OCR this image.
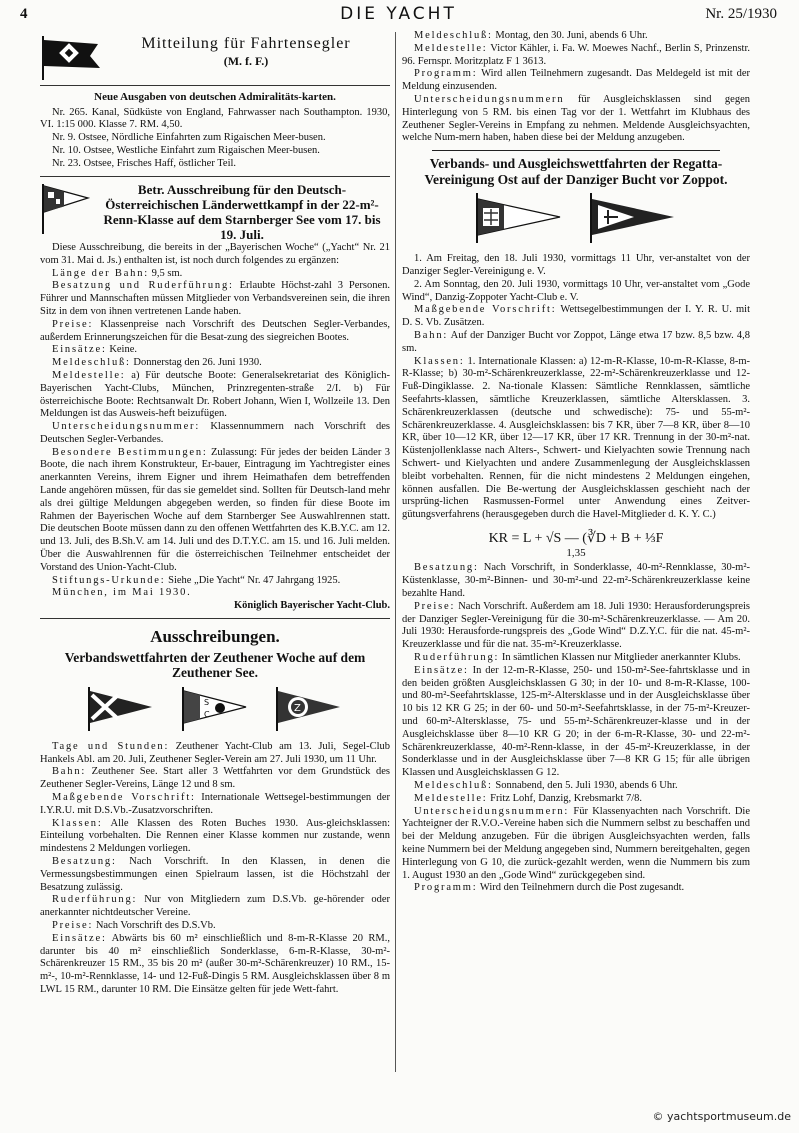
4	DIE YACHT	Nr. 25/1930
Mitteilung für Fahrtensegler
(M. f. F.)
Neue Ausgaben von deutschen Admiralitäts-karten.

Nr. 265. Kanal, Südküste von England, Fahrwasser nach Southampton. 1930, VI. 1:15 000. Klasse 7. RM. 4,50.

Nr. 9. Ostsee, Nördliche Einfahrten zum Rigaischen Meer-busen.

Nr. 10. Ostsee, Westliche Einfahrt zum Rigaischen Meer-busen.

Nr. 23. Ostsee, Frisches Haff, östlicher Teil.

Betr. Ausschreibung für den Deutsch-Österreichischen Länderwettkampf in der 22-m²-Renn-Klasse auf dem Starnberger See vom 17. bis 19. Juli.

Diese Ausschreibung, die bereits in der „Bayerischen Woche“ („Yacht“ Nr. 21 vom 31. Mai d. Js.) enthalten ist, ist noch durch folgendes zu ergänzen:

Länge der Bahn: 9,5 sm.

Besatzung und Ruderführung: Erlaubte Höchst-zahl 3 Personen. Führer und Mannschaften müssen Mitglieder von Verbandsvereinen sein, die ihren Sitz in dem von ihnen vertretenen Lande haben.

Preise: Klassenpreise nach Vorschrift des Deutschen Segler-Verbandes, außerdem Erinnerungszeichen für die Besat-zung des siegreichen Bootes.

Einsätze: Keine.

Meldeschluß: Donnerstag den 26. Juni 1930.

Meldestelle: a) Für deutsche Boote: Generalsekretariat des Königlich-Bayerischen Yacht-Clubs, München, Prinzregenten-straße 2/I. b) Für österreichische Boote: Rechtsanwalt Dr. Robert Johann, Wien I, Wollzeile 13. Den Meldungen ist das Ausweis-heft beizufügen.

Unterscheidungsnummer: Klassennummern nach Vorschrift des Deutschen Segler-Verbandes.

Besondere Bestimmungen: Zulassung: Für jedes der beiden Länder 3 Boote, die nach ihrem Konstrukteur, Er-bauer, Eintragung im Yachtregister eines anerkannten Vereins, ihrem Eigner und ihrem Heimathafen dem betreffenden Lande angehören müssen, für das sie gemeldet sind. Sollten für Deutsch-land mehr als drei gültige Meldungen abgegeben werden, so finden für diese Boote im Rahmen der Bayerischen Woche auf dem Starnberger See Auswahlrennen statt. Die deutschen Boote müssen dann zu den offenen Wettfahrten des K.B.Y.C. am 12. und 13. Juli, des B.Sh.V. am 14. Juli und des D.T.Y.C. am 15. und 16. Juli melden. Über die Auswahlrennen für die österreichischen Teilnehmer entscheidet der Vorstand des Union-Yacht-Club.

Stiftungs-Urkunde: Siehe „Die Yacht“ Nr. 47 Jahrgang 1925.

München, im Mai 1930.

Königlich Bayerischer Yacht-Club.

Ausschreibungen.
Verbandswettfahrten der Zeuthener Woche auf dem Zeuthener See.
S
C
Z

Tage und Stunden: Zeuthener Yacht-Club am 13. Juli, Segel-Club Hankels Abl. am 20. Juli, Zeuthener Segler-Verein am 27. Juli 1930, um 11 Uhr.

Bahn: Zeuthener See. Start aller 3 Wettfahrten vor dem Grundstück des Zeuthener Segler-Vereins, Länge 12 und 8 sm.

Maßgebende Vorschrift: Internationale Wettsegel-bestimmungen der I.Y.R.U. mit D.S.Vb.-Zusatzvorschriften.

Klassen: Alle Klassen des Roten Buches 1930. Aus-gleichsklassen: Einteilung vorbehalten. Die Rennen einer Klasse kommen nur zustande, wenn mindestens 2 Meldungen vorliegen.

Besatzung: Nach Vorschrift. In den Klassen, in denen die Vermessungsbestimmungen einen Spielraum lassen, ist die Höchstzahl der Besatzung zulässig.

Ruderführung: Nur von Mitgliedern zum D.S.Vb. ge-hörender oder anerkannter nichtdeutscher Vereine.

Preise: Nach Vorschrift des D.S.Vb.

Einsätze: Abwärts bis 60 m² einschließlich und 8-m-R-Klasse 20 RM., darunter bis 40 m² einschließlich Sonderklasse, 6-m-R-Klasse, 30-m²-Schärenkreuzer 15 RM., 35 bis 20 m² (außer 30-m²-Schärenkreuzer) 10 RM., 15-m²-, 10-m²-Rennklasse, 14- und 12-Fuß-Dingis 5 RM. Ausgleichsklassen über 8 m LWL 15 RM., darunter 10 RM. Die Einsätze gelten für jede Wett-fahrt.

Meldeschluß: Montag, den 30. Juni, abends 6 Uhr.

Meldestelle: Victor Kähler, i. Fa. W. Moewes Nachf., Berlin S, Prinzenstr. 96. Fernspr. Moritzplatz F 1 3613.

Programm: Wird allen Teilnehmern zugesandt. Das Meldegeld ist mit der Meldung einzusenden.

Unterscheidungsnummern für Ausgleichsklassen sind gegen Hinterlegung von 5 RM. bis einen Tag vor der 1. Wettfahrt im Klubhaus des Zeuthener Segler-Vereins in Empfang zu nehmen. Meldende Ausgleichsyachten, welche Num-mern haben, haben diese bei der Meldung anzugeben.

Verbands- und Ausgleichswettfahrten der Regatta-Vereinigung Ost auf der Danziger Bucht vor Zoppot.

1. Am Freitag, den 18. Juli 1930, vormittags 11 Uhr, ver-anstaltet von der Danziger Segler-Vereinigung e. V.

2. Am Sonntag, den 20. Juli 1930, vormittags 10 Uhr, ver-anstaltet vom „Gode Wind“, Danzig-Zoppoter Yacht-Club e. V.

Maßgebende Vorschrift: Wettsegelbestimmungen der I. Y. R. U. mit D. S. Vb. Zusätzen.

Bahn: Auf der Danziger Bucht vor Zoppot, Länge etwa 17 bzw. 8,5 bzw. 4,8 sm.

Klassen: 1. Internationale Klassen: a) 12-m-R-Klasse, 10-m-R-Klasse, 8-m-R-Klasse; b) 30-m²-Schärenkreuzerklasse, 22-m²-Schärenkreuzerklasse und 12-Fuß-Dingiklasse. 2. Na-tionale Klassen: Sämtliche Rennklassen, sämtliche Seefahrts-klassen, sämtliche Kreuzerklassen, sämtliche Altersklassen. 3. Schärenkreuzerklassen (deutsche und schwedische): 75- und 55-m²-Schärenkreuzerklasse. 4. Ausgleichsklassen: bis 7 KR, über 7—8 KR, über 8—10 KR, über 10—12 KR, über 12—17 KR, über 17 KR. Trennung in der 30-m²-nat. Küstenjollenklasse nach Alters-, Schwert- und Kielyachten sowie Trennung nach Schwert- und Kielyachten und andere Zusammenlegung der Ausgleichsklassen bleibt vorbehalten. Rennen, für die nicht mindestens 2 Meldungen eingehen, können ausfallen. Die Be-wertung der Ausgleichsklassen geschieht nach der ursprüng-lichen Rasmussen-Formel unter Anwendung eines Zeitver-gütungsverfahrens (herausgegeben durch die Havel-Mitglieder d. K. Y. C.)

KR = L + √S — (∛D + B + ⅓F
1,35

Besatzung: Nach Vorschrift, in Sonderklasse, 40-m²-Rennklasse, 30-m²-Küstenklasse, 30-m²-Binnen- und 30-m²-und 22-m²-Schärenkreuzerklasse keine bezahlte Hand.

Preise: Nach Vorschrift. Außerdem am 18. Juli 1930: Herausforderungspreis der Danziger Segler-Vereinigung für die 30-m²-Schärenkreuzerklasse. — Am 20. Juli 1930: Herausforde-rungspreis des „Gode Wind“ D.Z.Y.C. für die nat. 45-m²-Kreuzerklasse und für die nat. 35-m²-Kreuzerklasse.

Ruderführung: In sämtlichen Klassen nur Mitglieder anerkannter Klubs.

Einsätze: In der 12-m-R-Klasse, 250- und 150-m²-See-fahrtsklasse und in den beiden größten Ausgleichsklassen G 30; in der 10- und 8-m-R-Klasse, 100- und 80-m²-Seefahrtsklasse, 125-m²-Altersklasse und in der Ausgleichsklasse über 10 bis 12 KR G 25; in der 60- und 50-m²-Seefahrtsklasse, in der 75-m²-Kreuzer- und 60-m²-Altersklasse, 75- und 55-m²-Schärenkreuzer-klasse und in der Ausgleichsklasse über 8—10 KR G 20; in der 6-m-R-Klasse, 30- und 22-m²-Schärenkreuzerklasse, 40-m²-Renn-klasse, in der 45-m²-Kreuzerklasse, in der Sonderklasse und in der Ausgleichsklasse über 7—8 KR G 15; für alle übrigen Klassen und Ausgleichsklassen G 12.

Meldeschluß: Sonnabend, den 5. Juli 1930, abends 6 Uhr.

Meldestelle: Fritz Lohf, Danzig, Krebsmarkt 7/8.

Unterscheidungsnummern: Für Klassenyachten nach Vorschrift. Die Yachteigner der R.V.O.-Vereine haben sich die Nummern selbst zu beschaffen und bei der Meldung anzugeben. Für die übrigen Ausgleichsyachten werden, falls keine Nummern bei der Meldung angegeben sind, Nummern bereitgehalten, gegen Hinterlegung von G 10, die zurück-gezahlt werden, wenn die Nummern bis zum 1. August 1930 an den „Gode Wind“ zurückgegeben sind.

Programm: Wird den Teilnehmern durch die Post zugesandt.

© yachtsportmuseum.de
